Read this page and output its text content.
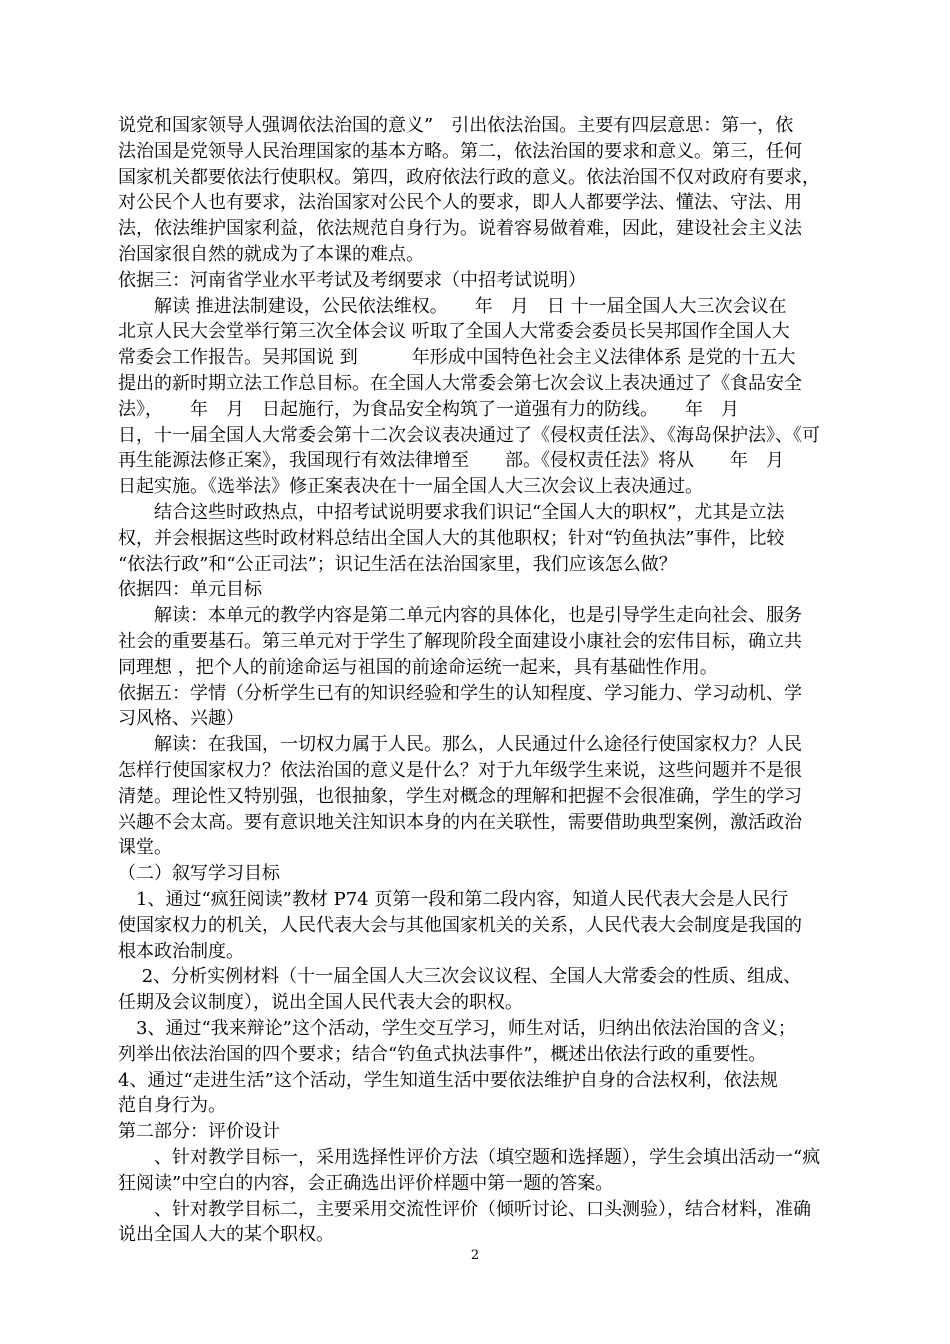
说党和国家领导人强调依法治国的意义”　引出依法治国。主要有四层意思：第一，依
法治国是党领导人民治理国家的基本方略。第二，依法治国的要求和意义。第三，任何
国家机关都要依法行使职权。第四，政府依法行政的意义。依法治国不仅对政府有要求，
对公民个人也有要求，法治国家对公民个人的要求，即人人都要学法、懂法、守法、用
法，依法维护国家利益，依法规范自身行为。说着容易做着难，因此，建设社会主义法
治国家很自然的就成为了本课的难点。
依据三：河南省学业水平考试及考纲要求（中招考试说明）
　　解读 推进法制建设，公民依法维权。　　年　月　日 十一届全国人大三次会议在
北京人民大会堂举行第三次全体会议 听取了全国人大常委会委员长吴邦国作全国人大
常委会工作报告。吴邦国说 到　　　年形成中国特色社会主义法律体系 是党的十五大
提出的新时期立法工作总目标。在全国人大常委会第七次会议上表决通过了《食品安全
法》，　　年　月　日起施行，为食品安全构筑了一道强有力的防线。　　年　月
日，十一届全国人大常委会第十二次会议表决通过了《侵权责任法》、《海岛保护法》、《可
再生能源法修正案》，我国现行有效法律增至　　部。《侵权责任法》将从　　年　月
日起实施。《选举法》修正案表决在十一届全国人大三次会议上表决通过。
　　结合这些时政热点，中招考试说明要求我们识记“全国人大的职权”，尤其是立法
权，并会根据这些时政材料总结出全国人大的其他职权；针对“钓鱼执法”事件，比较
“依法行政”和“公正司法”；识记生活在法治国家里，我们应该怎么做？
依据四：单元目标
　　解读：本单元的教学内容是第二单元内容的具体化，也是引导学生走向社会、服务
社会的重要基石。第三单元对于学生了解现阶段全面建设小康社会的宏伟目标，确立共
同理想 ，把个人的前途命运与祖国的前途命运统一起来，具有基础性作用。
依据五：学情（分析学生已有的知识经验和学生的认知程度、学习能力、学习动机、学
习风格、兴趣）
　　解读：在我国，一切权力属于人民。那么，人民通过什么途径行使国家权力？人民
怎样行使国家权力？依法治国的意义是什么？对于九年级学生来说，这些问题并不是很
清楚。理论性又特别强，也很抽象，学生对概念的理解和把握不会很准确，学生的学习
兴趣不会太高。要有意识地关注知识本身的内在关联性，需要借助典型案例，激活政治
课堂。
（二）叙写学习目标
　1、通过“疯狂阅读”教材 P74 页第一段和第二段内容，知道人民代表大会是人民行
使国家权力的机关，人民代表大会与其他国家机关的关系，人民代表大会制度是我国的
根本政治制度。
　 2、分析实例材料（十一届全国人大三次会议议程、全国人大常委会的性质、组成、
任期及会议制度），说出全国人民代表大会的职权。
　3、通过“我来辩论”这个活动，学生交互学习，师生对话，归纳出依法治国的含义；
列举出依法治国的四个要求；结合“钓鱼式执法事件”，概述出依法行政的重要性。
4、通过“走进生活”这个活动，学生知道生活中要依法维护自身的合法权利，依法规
范自身行为。
第二部分：评价设计
　　、针对教学目标一，采用选择性评价方法（填空题和选择题），学生会填出活动一“疯
狂阅读”中空白的内容，会正确选出评价样题中第一题的答案。
　　、针对教学目标二，主要采用交流性评价（倾听讨论、口头测验），结合材料，准确
说出全国人大的某个职权。
2
